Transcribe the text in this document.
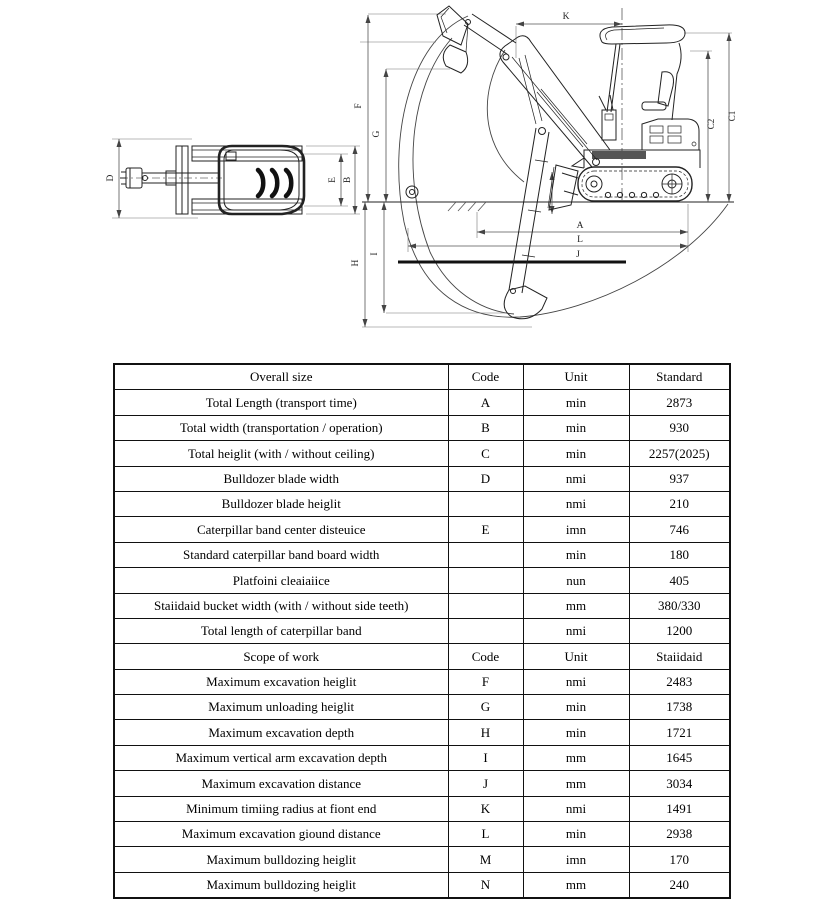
D	E B
K
C1
C2
F
G
H
I
A
L
J
Overall size	Code	Unit	Standard
Total Length (transport time)	A	min	2873
Total width (transportation / operation)	B	min	930
Total heiglit (with / without ceiling)	C	min	2257(2025)
Bulldozer blade width	D	nmi	937
Bulldozer blade heiglit		nmi	210
Caterpillar band center disteuice	E	imn	746
Standard caterpillar band board width		min	180
Platfoini cleaiaiice		nun	405
Staiidaid bucket width (with / without side teeth)		mm	380/330
Total length of caterpillar band		nmi	1200
Scope of work	Code	Unit	Staiidaid
Maximum excavation heiglit	F	nmi	2483
Maximum unloading heiglit	G	min	1738
Maximum excavation depth	H	min	1721
Maximum vertical arm excavation depth	I	mm	1645
Maximum excavation distance	J	mm	3034
Minimum timiing radius at fiont end	K	nmi	1491
Maximum excavation giound distance	L	min	2938
Maximum bulldozing heiglit	M	imn	170
Maximum bulldozing heiglit	N	mm	240
